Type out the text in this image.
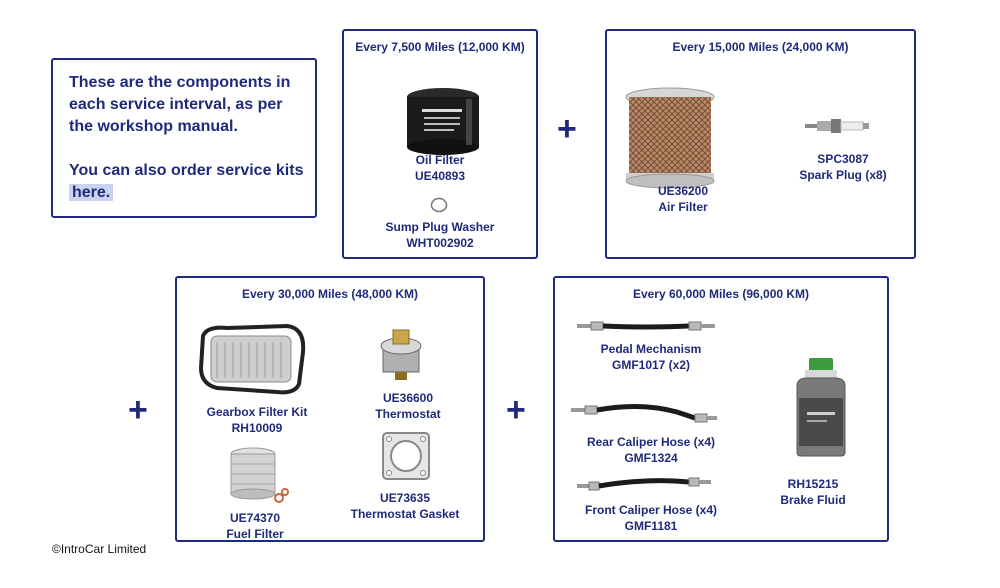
These are the components in each service interval, as per the workshop manual.

You can also order service kits
here.

Every 7,500 Miles (12,000 KM)
Oil Filter
UE40893
Sump Plug Washer
WHT002902
+
Every 15,000 Miles (24,000 KM)
UE36200
Air Filter
SPC3087
Spark Plug (x8)
+
Every 30,000 Miles (48,000 KM)
Gearbox Filter Kit
RH10009
UE36600
Thermostat
UE74370
Fuel Filter
UE73635
Thermostat Gasket
+
Every 60,000 Miles (96,000 KM)
Pedal Mechanism
GMF1017 (x2)
Rear Caliper Hose (x4)
GMF1324
Front Caliper Hose (x4)
GMF1181
RH15215
Brake Fluid
©IntroCar Limited
